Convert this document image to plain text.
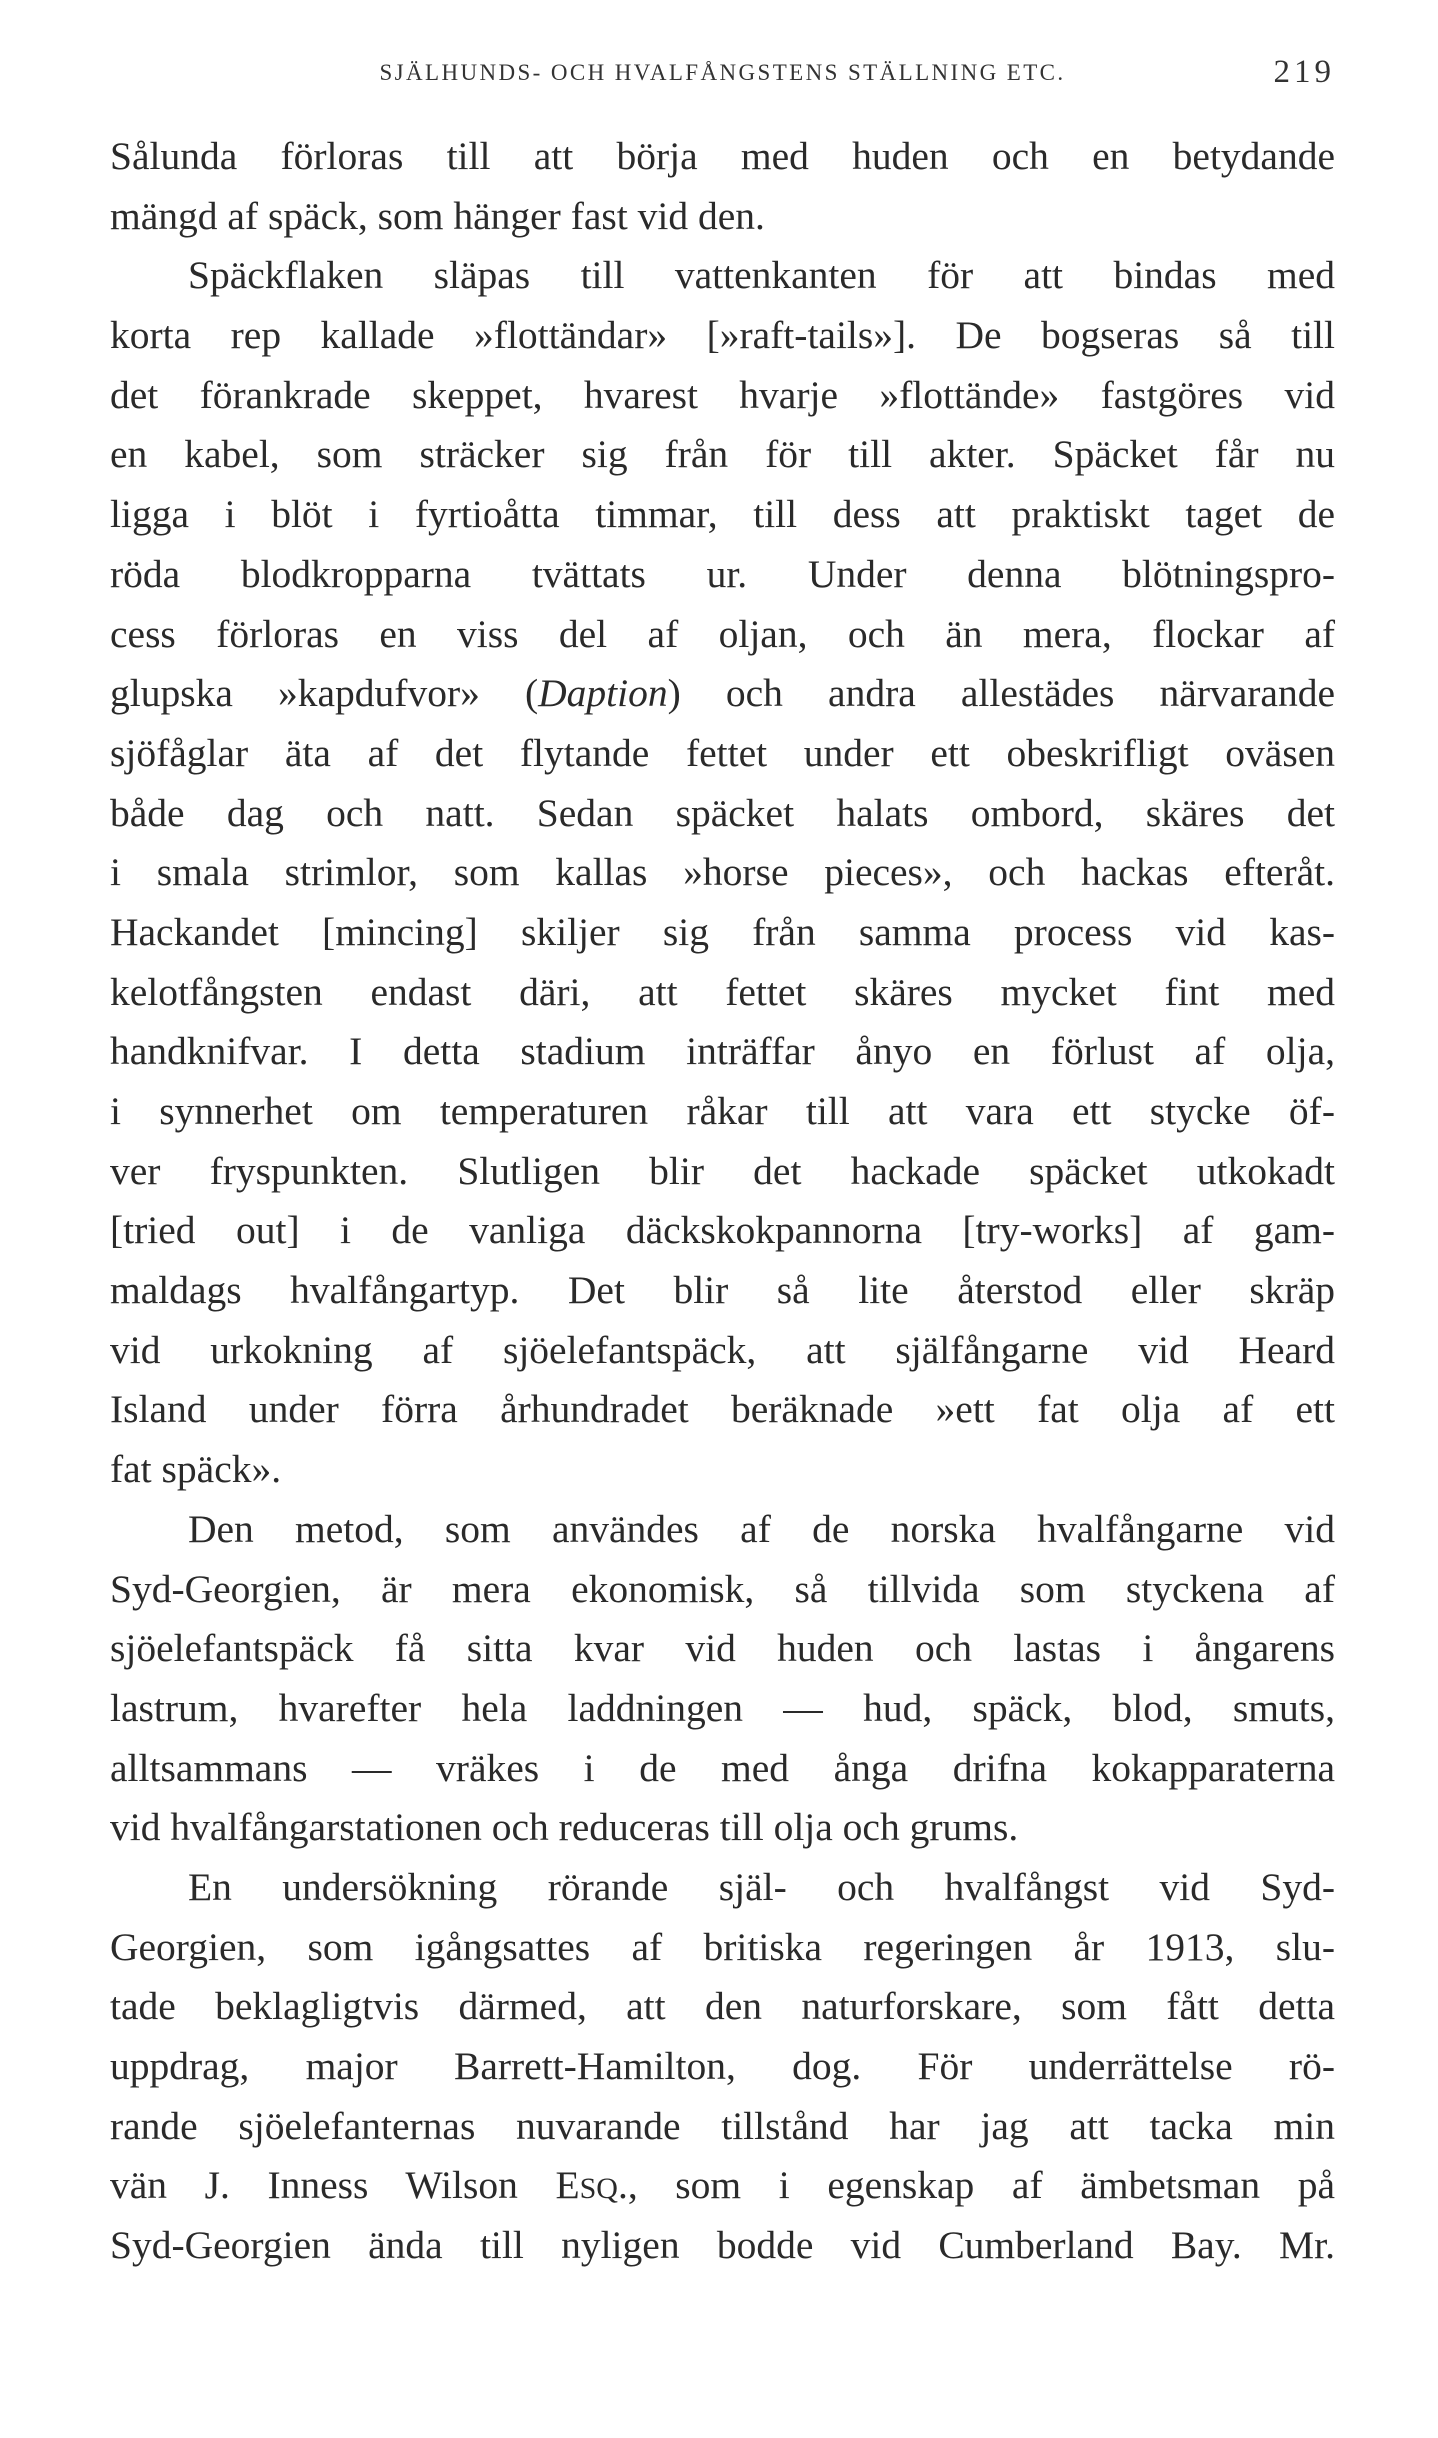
SJÄLHUNDS- OCH HVALFÅNGSTENS STÄLLNING ETC.	219
Sålunda förloras till att börja med huden och en betydande
mängd af späck, som hänger fast vid den.
Späckflaken släpas till vattenkanten för att bindas med
korta rep kallade »flottändar» [»raft-tails»]. De bogseras så till
det förankrade skeppet, hvarest hvarje »flottände» fastgöres vid
en kabel, som sträcker sig från för till akter. Späcket får nu
ligga i blöt i fyrtioåtta timmar, till dess att praktiskt taget de
röda blodkropparna tvättats ur. Under denna blötningspro-
cess förloras en viss del af oljan, och än mera, flockar af
glupska »kapdufvor» (Daption) och andra allestädes närvarande
sjöfåglar äta af det flytande fettet under ett obeskrifligt oväsen
både dag och natt. Sedan späcket halats ombord, skäres det
i smala strimlor, som kallas »horse pieces», och hackas efteråt.
Hackandet [mincing] skiljer sig från samma process vid kas-
kelotfångsten endast däri, att fettet skäres mycket fint med
handknifvar. I detta stadium inträffar ånyo en förlust af olja,
i synnerhet om temperaturen råkar till att vara ett stycke öf-
ver fryspunkten. Slutligen blir det hackade späcket utkokadt
[tried out] i de vanliga däckskokpannorna [try-works] af gam-
maldags hvalfångartyp. Det blir så lite återstod eller skräp
vid urkokning af sjöelefantspäck, att själfångarne vid Heard
Island under förra århundradet beräknade »ett fat olja af ett
fat späck».
Den metod, som användes af de norska hvalfångarne vid
Syd-Georgien, är mera ekonomisk, så tillvida som styckena af
sjöelefantspäck få sitta kvar vid huden och lastas i ångarens
lastrum, hvarefter hela laddningen — hud, späck, blod, smuts,
alltsammans — vräkes i de med ånga drifna kokapparaterna
vid hvalfångarstationen och reduceras till olja och grums.
En undersökning rörande själ- och hvalfångst vid Syd-
Georgien, som igångsattes af britiska regeringen år 1913, slu-
tade beklagligtvis därmed, att den naturforskare, som fått detta
uppdrag, major Barrett-Hamilton, dog. För underrättelse rö-
rande sjöelefanternas nuvarande tillstånd har jag att tacka min
vän J. Inness Wilson ESQ., som i egenskap af ämbetsman på
Syd-Georgien ända till nyligen bodde vid Cumberland Bay. Mr.
